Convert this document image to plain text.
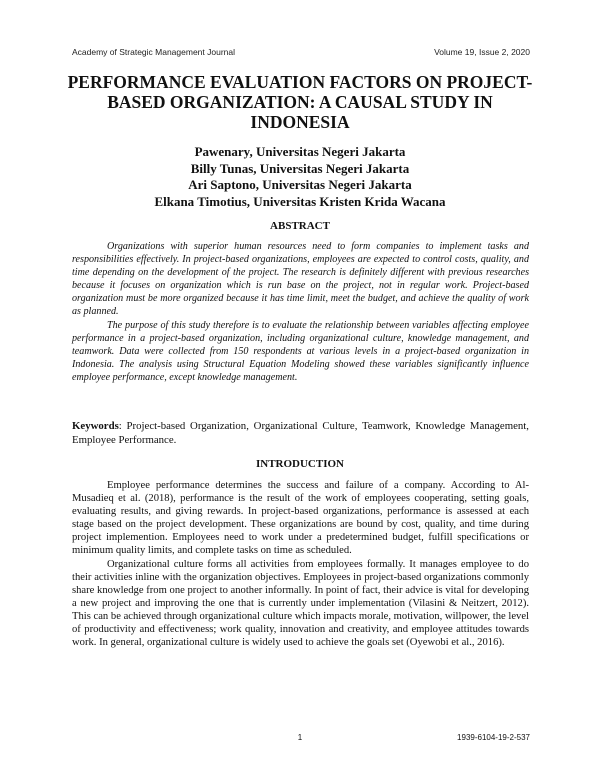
Academy of Strategic Management Journal	Volume 19, Issue 2, 2020
PERFORMANCE EVALUATION FACTORS ON PROJECT-BASED ORGANIZATION: A CAUSAL STUDY IN INDONESIA
Pawenary, Universitas Negeri Jakarta
Billy Tunas, Universitas Negeri Jakarta
Ari Saptono, Universitas Negeri Jakarta
Elkana Timotius, Universitas Kristen Krida Wacana
ABSTRACT

Organizations with superior human resources need to form companies to implement tasks and responsibilities effectively. In project-based organizations, employees are expected to control costs, quality, and time depending on the development of the project. The research is definitely different with previous researches because it focuses on organization which is run base on the project, not in regular work. Project-based organization must be more organized because it has time limit, meet the budget, and achieve the quality of work as planned.

The purpose of this study therefore is to evaluate the relationship between variables affecting employee performance in a project-based organization, including organizational culture, knowledge management, and teamwork. Data were collected from 150 respondents at various levels in a project-based organization in Indonesia. The analysis using Structural Equation Modeling showed these variables significantly influence employee performance, except knowledge management.

Keywords: Project-based Organization, Organizational Culture, Teamwork, Knowledge Management, Employee Performance.
INTRODUCTION

Employee performance determines the success and failure of a company. According to Al-Musadieq et al. (2018), performance is the result of the work of employees cooperating, setting goals, evaluating results, and giving rewards. In project-based organizations, performance is assessed at each stage based on the project development. These organizations are bound by cost, quality, and time during project implemention. Employees need to work under a predetermined budget, fulfill specifications or minimum quality limits, and complete tasks on time as scheduled.

Organizational culture forms all activities from employees formally. It manages employee to do their activities inline with the organization objectives. Employees in project-based organizations commonly share knowledge from one project to another informally. In point of fact, their advice is vital for developing a new project and improving the one that is currently under implementation (Vilasini & Neitzert, 2012). This can be achieved through organizational culture which impacts morale, motivation, willpower, the level of productivity and effectiveness; work quality, innovation and creativity, and employee attitudes towards work. In general, organizational culture is widely used to achieve the goals set (Oyewobi et al., 2016).

1	1939-6104-19-2-537
